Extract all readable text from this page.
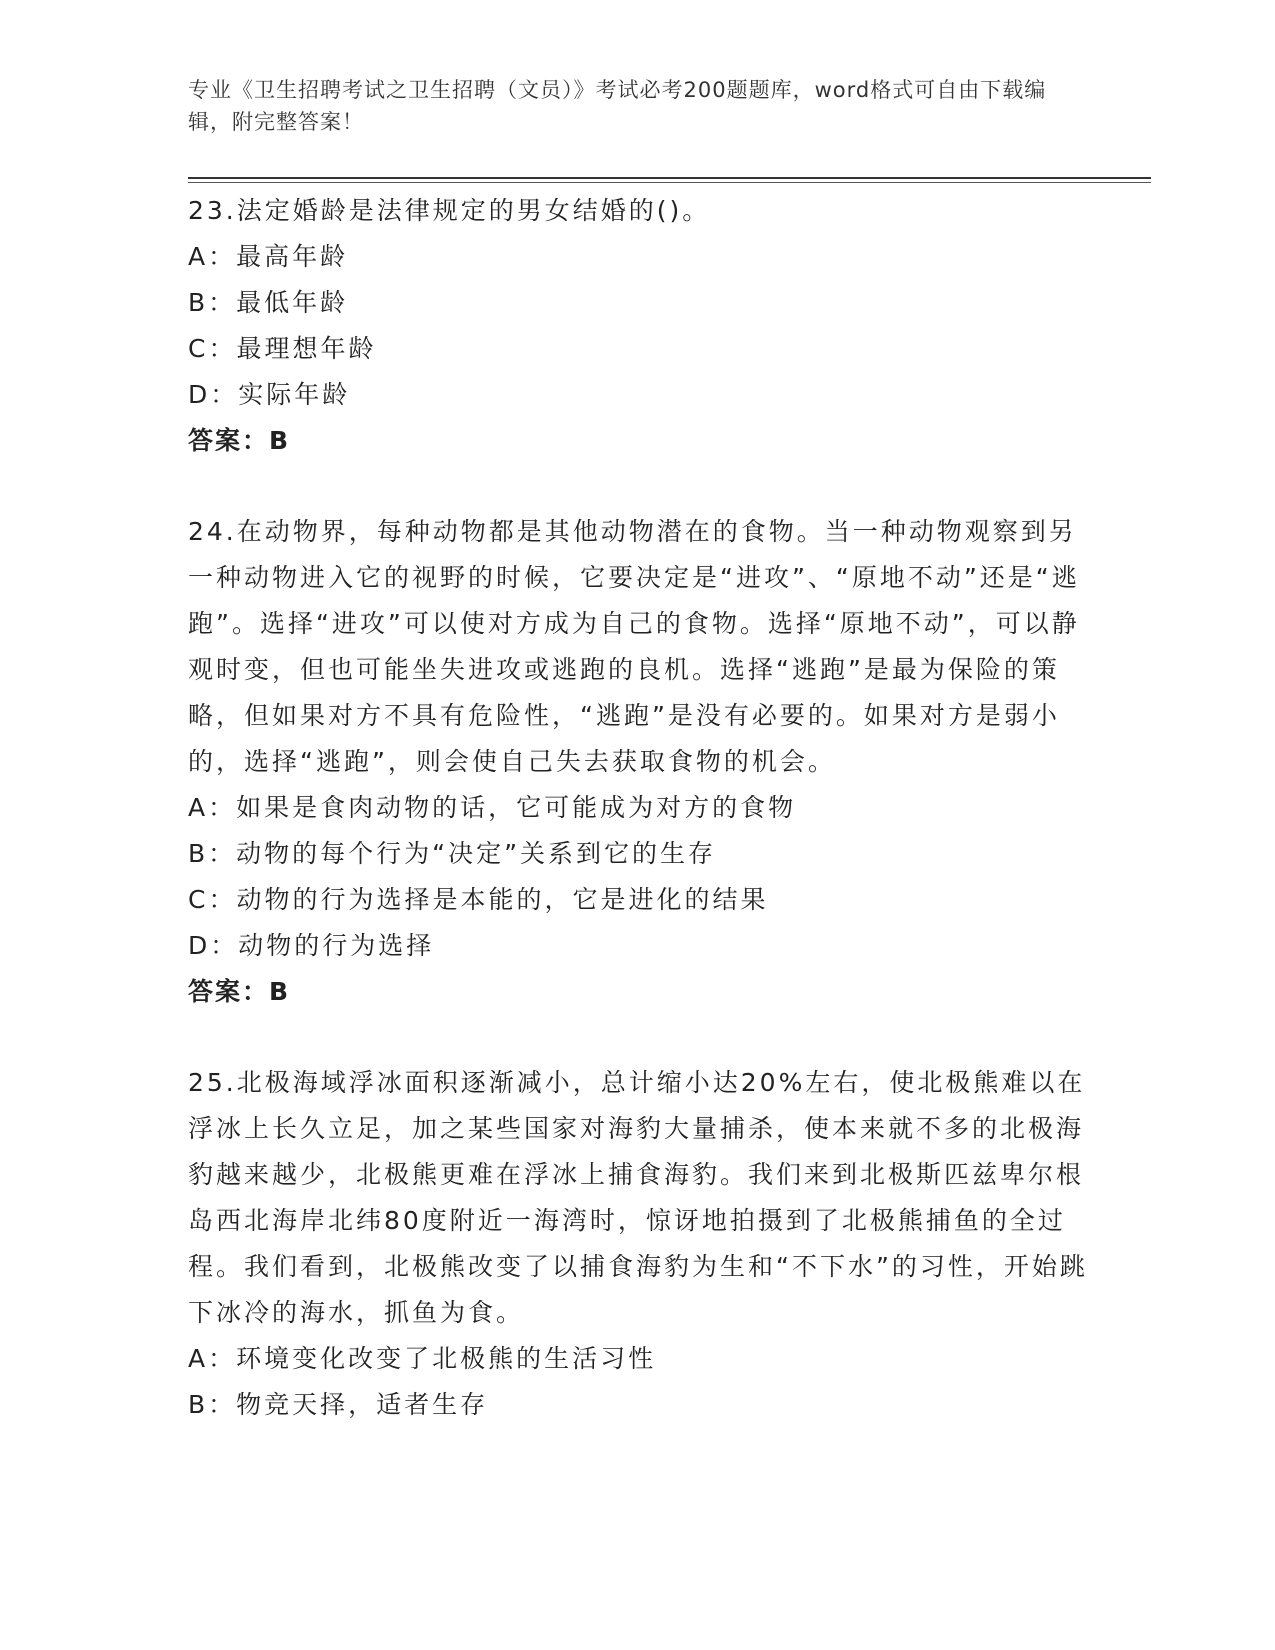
专业《卫生招聘考试之卫生招聘（文员）》考试必考200题题库，word格式可自由下载编辑，附完整答案！

23.法定婚龄是法律规定的男女结婚的()。

A：最高年龄

B：最低年龄

C：最理想年龄

D：实际年龄

答案：B

24.在动物界，每种动物都是其他动物潜在的食物。当一种动物观察到另一种动物进入它的视野的时候，它要决定是“进攻”、“原地不动”还是“逃跑”。选择“进攻”可以使对方成为自己的食物。选择“原地不动”，可以静观时变，但也可能坐失进攻或逃跑的良机。选择“逃跑”是最为保险的策略，但如果对方不具有危险性，“逃跑”是没有必要的。如果对方是弱小的，选择“逃跑”，则会使自己失去获取食物的机会。

A：如果是食肉动物的话，它可能成为对方的食物

B：动物的每个行为“决定”关系到它的生存

C：动物的行为选择是本能的，它是进化的结果

D：动物的行为选择

答案：B

25.北极海域浮冰面积逐渐减小，总计缩小达20%左右，使北极熊难以在浮冰上长久立足，加之某些国家对海豹大量捕杀，使本来就不多的北极海豹越来越少，北极熊更难在浮冰上捕食海豹。我们来到北极斯匹兹卑尔根岛西北海岸北纬80度附近一海湾时，惊讶地拍摄到了北极熊捕鱼的全过程。我们看到，北极熊改变了以捕食海豹为生和“不下水”的习性，开始跳下冰冷的海水，抓鱼为食。

A：环境变化改变了北极熊的生活习性

B：物竞天择，适者生存
